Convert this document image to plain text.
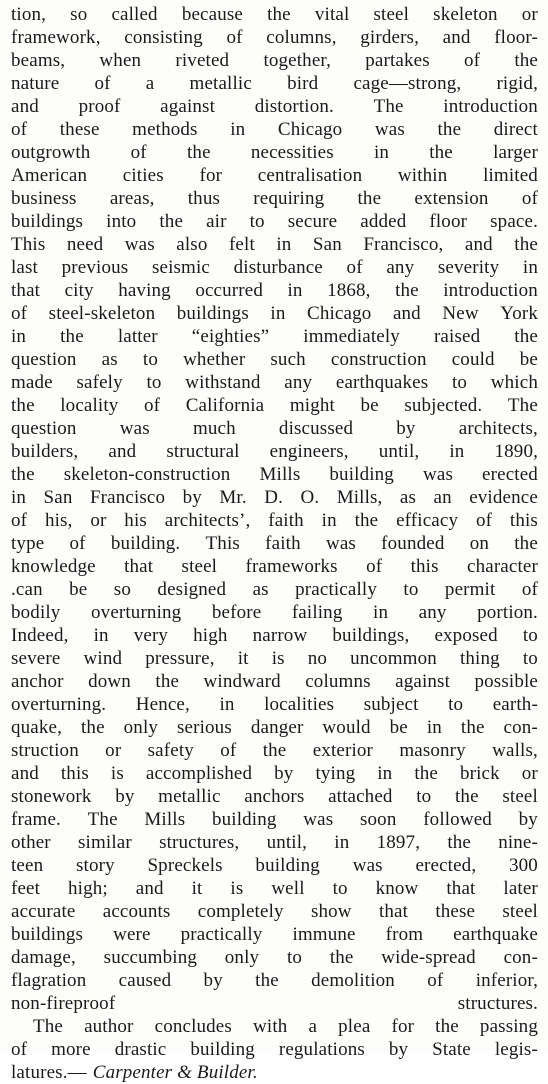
tion, so called because the vital steel skeleton or
framework, consisting of columns, girders, and floor-
beams, when riveted together, partakes of the
nature of a metallic bird cage—strong, rigid,
and proof against distortion. The introduction
of these methods in Chicago was the direct
outgrowth of the necessities in the larger
American cities for centralisation within limited
business areas, thus requiring the extension of
buildings into the air to secure added floor space.
This need was also felt in San Francisco, and the
last previous seismic disturbance of any severity in
that city having occurred in 1868, the introduction
of steel-skeleton buildings in Chicago and New York
in the latter “eighties” immediately raised the
question as to whether such construction could be
made safely to withstand any earthquakes to which
the locality of California might be subjected. The
question was much discussed by architects,
builders, and structural engineers, until, in 1890,
the skeleton-construction Mills building was erected
in San Francisco by Mr. D. O. Mills, as an evidence
of his, or his architects’, faith in the efficacy of this
type of building. This faith was founded on the
knowledge that steel frameworks of this character
.can be so designed as practically to permit of
bodily overturning before failing in any portion.
Indeed, in very high narrow buildings, exposed to
severe wind pressure, it is no uncommon thing to
anchor down the windward columns against possible
overturning. Hence, in localities subject to earth-
quake, the only serious danger would be in the con-
struction or safety of the exterior masonry walls,
and this is accomplished by tying in the brick or
stonework by metallic anchors attached to the steel
frame. The Mills building was soon followed by
other similar structures, until, in 1897, the nine-
teen story Spreckels building was erected, 300
feet high; and it is well to know that later
accurate accounts completely show that these steel
buildings were practically immune from earthquake
damage, succumbing only to the wide-spread con-
flagration caused by the demolition of inferior,
non-fireproof	structures.
The author concludes with a plea for the passing
of more drastic building regulations by State legis-
latures.— Carpenter & Builder.
